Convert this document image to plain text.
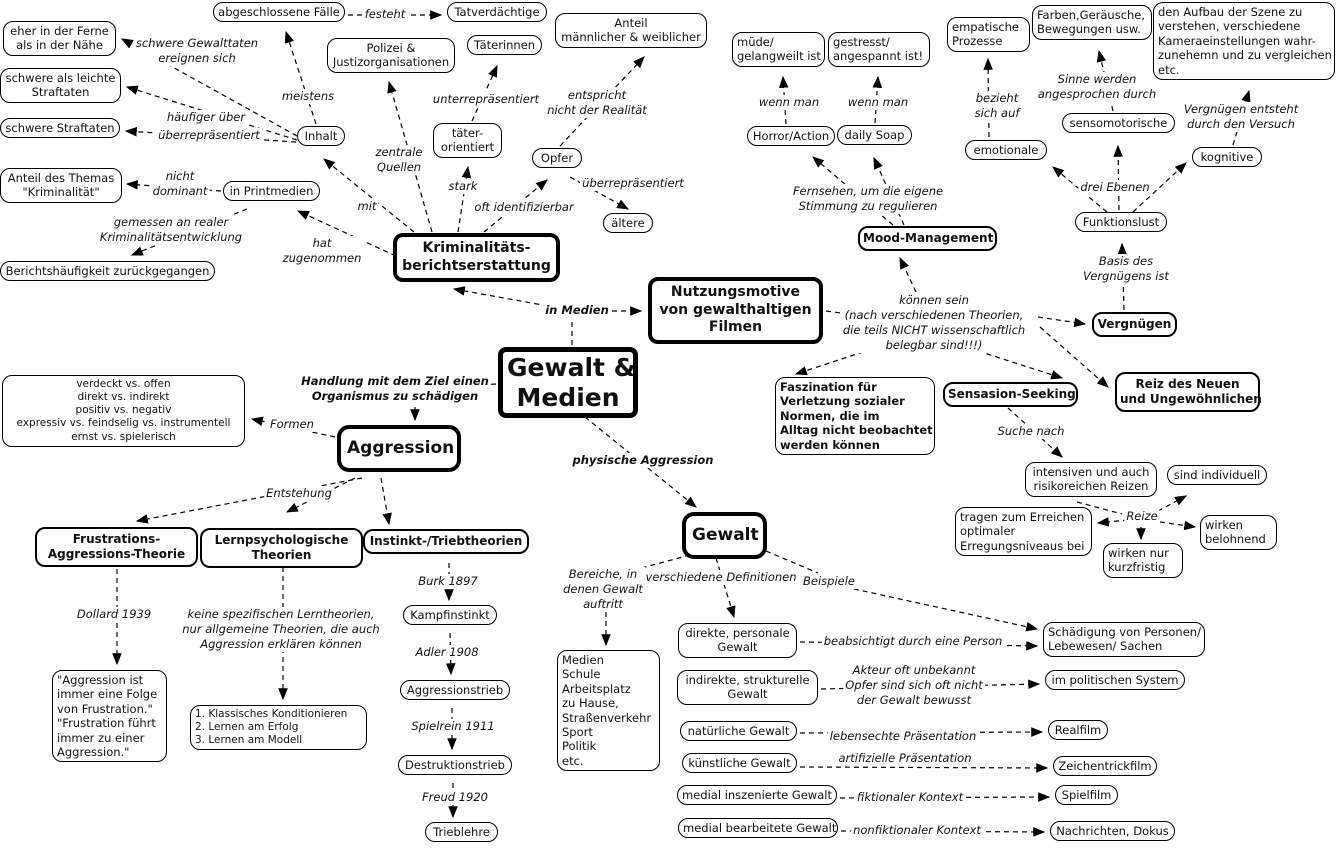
eher in der Ferne
als in der Nähe
schwere als leichte
Straftaten
schwere Straftaten
Anteil des Themas
"Kriminalität"
Berichtshäufigkeit zurückgegangen
abgeschlossene Fälle	Tatverdächtige
Polizei &
Justizorganisationen
Täterinnen
Inhalt	täter-
orientiert
Opfer
Anteil
männlicher & weiblicher
ältere
in Printmedien
Kriminalitäts-
berichtserstattung
müde/
gelangweilt ist
gestresst/
angespannt ist!
Horror/Action	daily Soap
empatische
Prozesse
Farben,Geräusche,
Bewegungen usw.
den Aufbau der Szene zu
verstehen, verschiedene
Kameraeinstellungen wahr-
zunehemn und zu vergleichen
etc.
emotionale
sensomotorische
kognitive
Funktionslust
Mood-Management
Nutzungsmotive
von gewalthaltigen
Filmen	Vergnügen
Faszination für
Verletzung sozialer
Normen, die im
Alltag nicht beobachtet
werden können
Sensasion-Seeking
Reiz des Neuen
und Ungewöhnlichen
intensiven und auch
risikoreichen Reizen
sind individuell
tragen zum Erreichen
optimaler
Erregungsniveaus bei
wirken
belohnend
wirken nur
kurzfristig
Gewalt &
Medien
verdeckt vs. offen
direkt vs. indirekt
positiv vs. negativ
expressiv vs. feindselig vs. instrumentell
ernst vs. spielerisch
Aggression
Frustrations-
Aggressions-Theorie
Lernpsychologische
Theorien
Instinkt-/Triebtheorien
"Aggression ist
immer eine Folge
von Frustration."
"Frustration führt
immer zu einer
Aggression."
1. Klassisches Konditionieren
2. Lernen am Erfolg
3. Lernen am Modell
Kampfinstinkt
Aggressionstrieb
Destruktionstrieb
Trieblehre
Gewalt
Medien
Schule
Arbeitsplatz
zu Hause,
Straßenverkehr
Sport
Politik
etc.
direkte, personale
Gewalt
indirekte, strukturelle
Gewalt
natürliche Gewalt
künstliche Gewalt
medial inszenierte Gewalt
medial bearbeitete Gewalt
Schädigung von Personen/
Lebewesen/ Sachen
im politischen System
Realfilm
Zeichentrickfilm
Spielfilm
Nachrichten, Dokus
schwere Gewalttaten
ereignen sich
meistens
häufiger über
überrepräsentiert
festeht
unterrepräsentiert
zentrale
Quellen
stark
oft identifizierbar
entspricht
nicht der Realität
überrepräsentiert
nicht
dominant
gemessen an realer
Kriminalitätsentwicklung	hat
zugenommen
mit
in Medien
wenn man wenn man
Fernsehen, um die eigene
Stimmung zu regulieren
bezieht
sich auf
Sinne werden
angesprochen durch
Vergnügen entsteht
durch den Versuch
drei Ebenen
Basis des
Vergnügens ist
können sein
(nach verschiedenen Theorien,
die teils NICHT wissenschaftlich
belegbar sind!!!)
Suche nach
Reize
Handlung mit dem Ziel einen
Organismus zu schädigen
Formen
Entstehung
physische Aggression
Dollard 1939	keine spezifischen Lerntheorien,
nur allgemeine Theorien, die auch
Aggression erklären können
Burk 1897
Adler 1908
Spielrein 1911
Freud 1920
Bereiche, in
denen Gewalt
auftritt
verschiedene Definitionen Beispiele
beabsichtigt durch eine Person
Akteur oft unbekannt
Opfer sind sich oft nicht
der Gewalt bewusst
lebensechte Präsentation
artifizielle Präsentation
fiktionaler Kontext
nonfiktionaler Kontext
